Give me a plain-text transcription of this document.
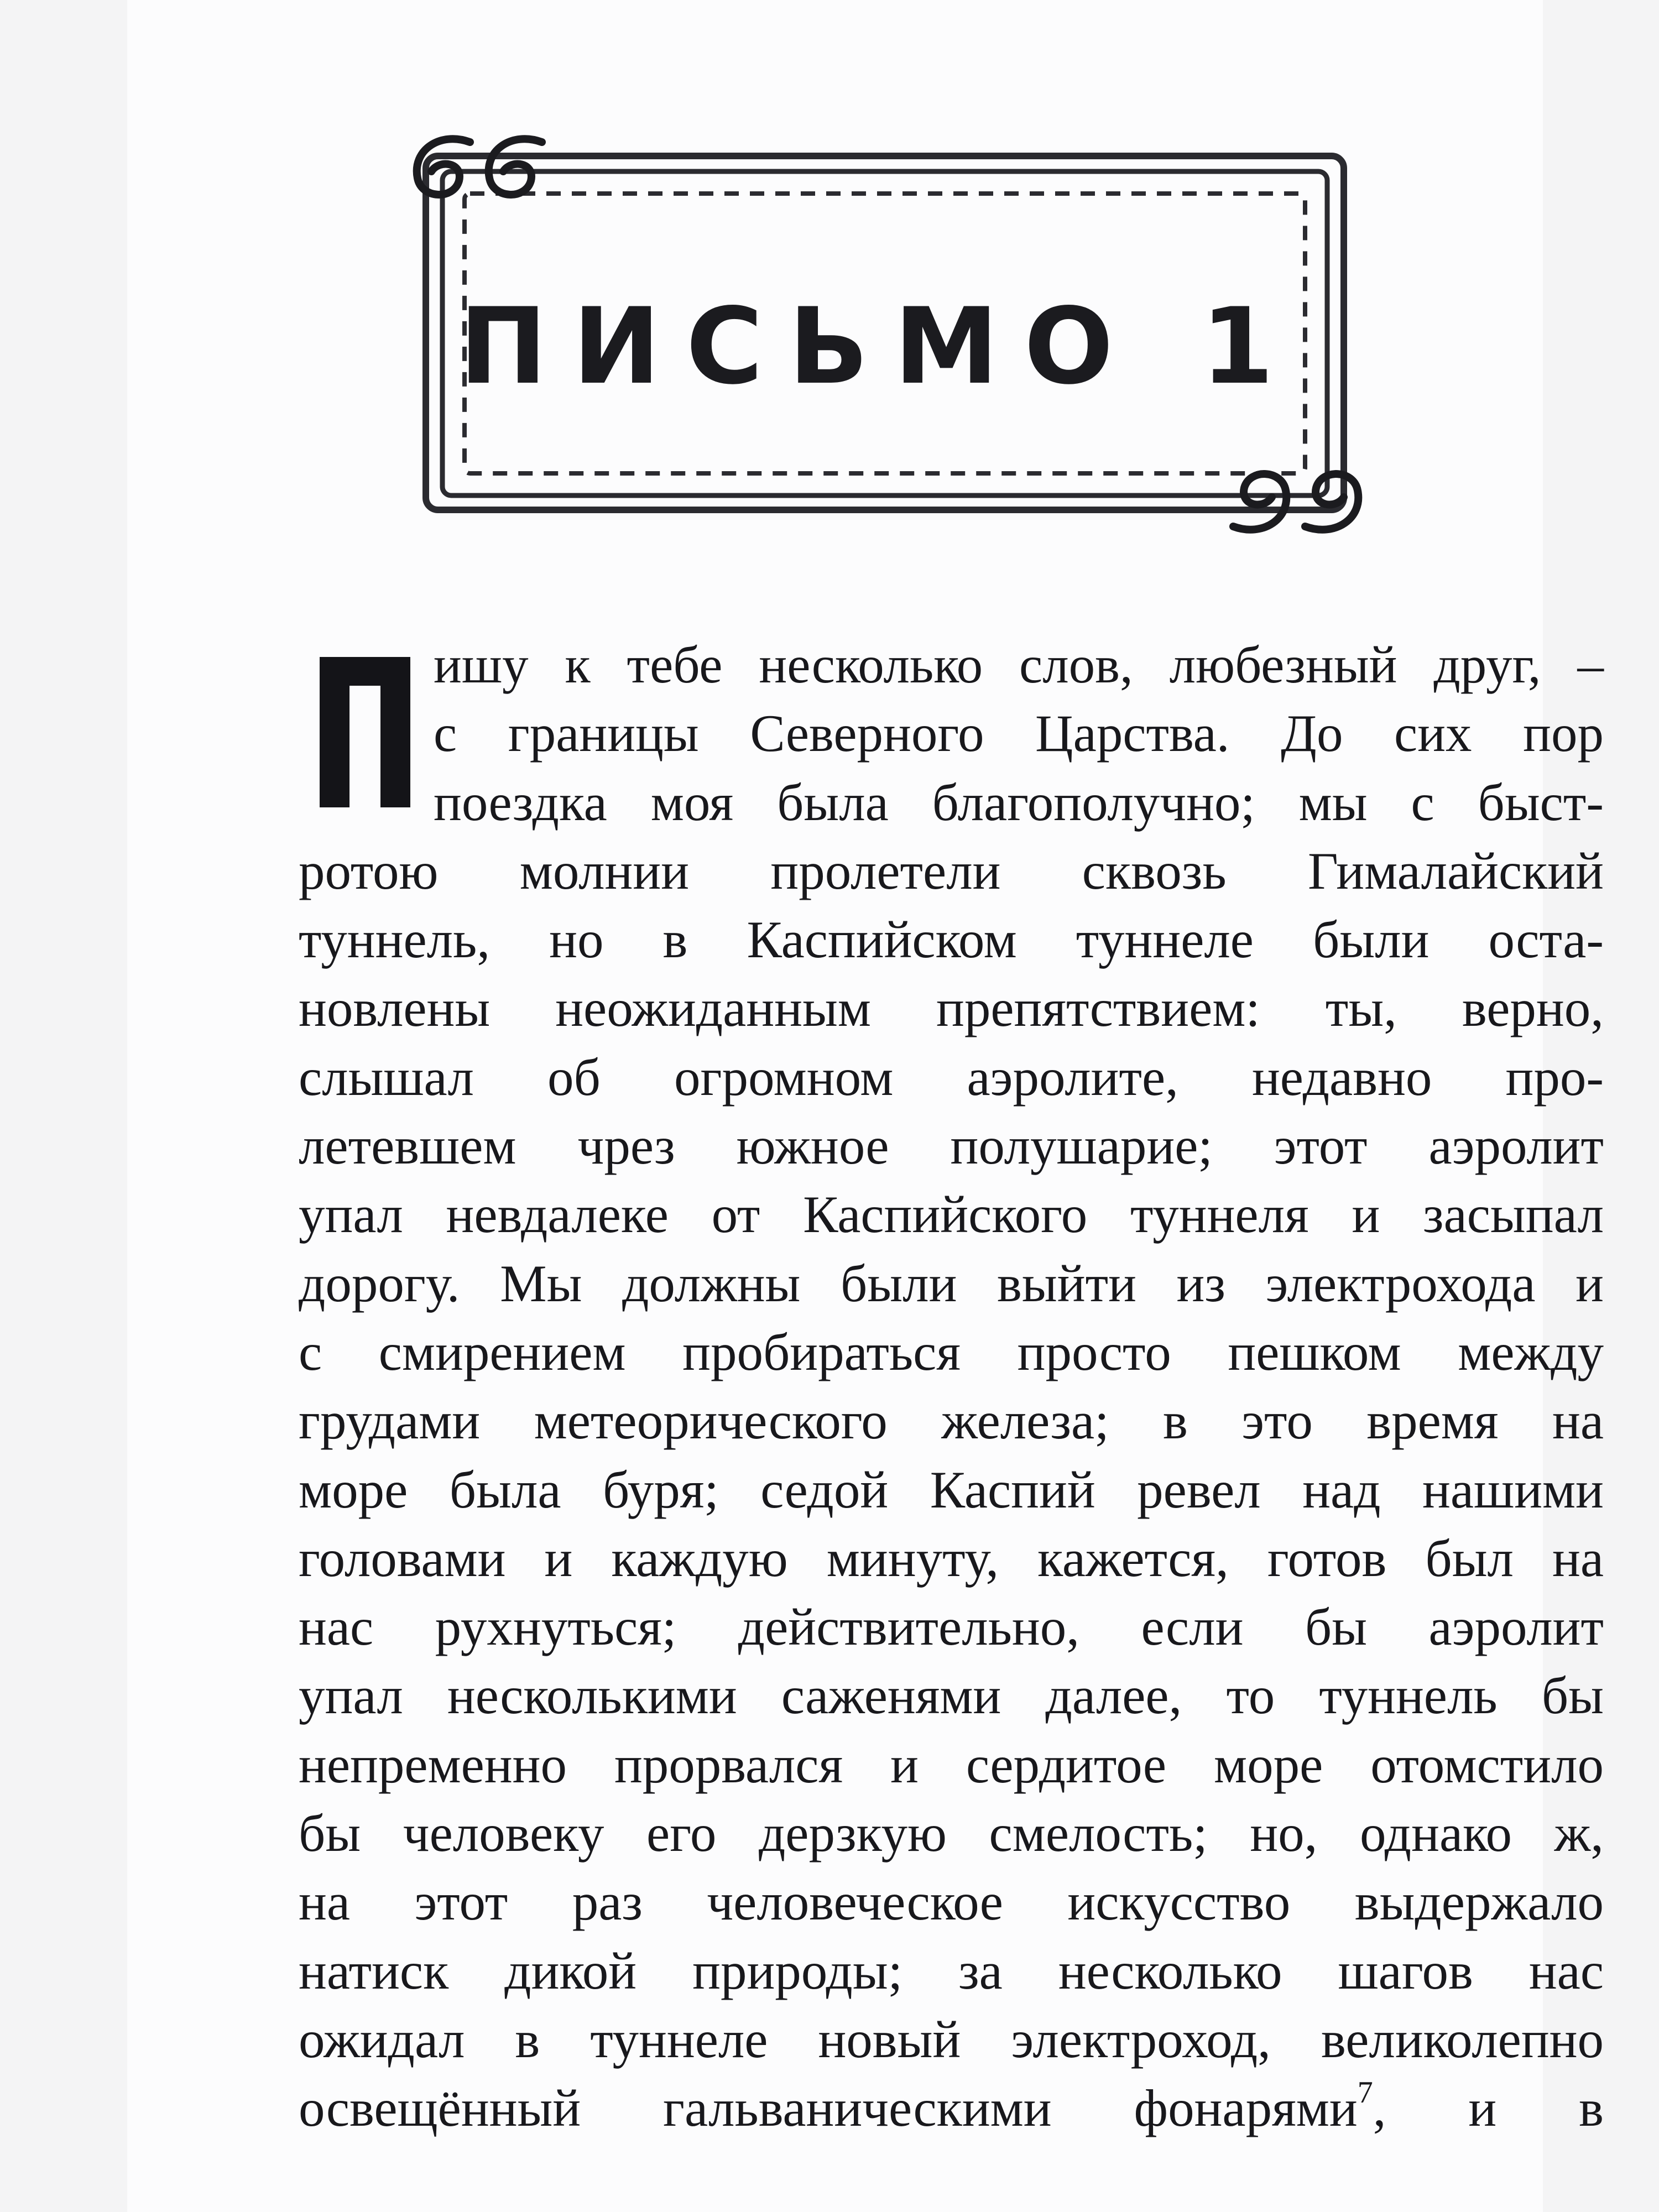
ПИСЬМО 1
ишу к тебе несколько слов, любезный друг, –
с границы Северного Царства. До сих пор
поездка моя была благополучно; мы с быст-
ротою молнии пролетели сквозь Гималайский
туннель, но в Каспийском туннеле были оста-
новлены неожиданным препятствием: ты, верно,
слышал об огромном аэролите, недавно про-
летевшем чрез южное полушарие; этот аэролит
упал невдалеке от Каспийского туннеля и засыпал
дорогу. Мы должны были выйти из электрохода и
с смирением пробираться просто пешком между
грудами метеорического железа; в это время на
море была буря; седой Каспий ревел над нашими
головами и каждую минуту, кажется, готов был на
нас рухнуться; действительно, если бы аэролит
упал несколькими саженями далее, то туннель бы
непременно прорвался и сердитое море отомстило
бы человеку его дерзкую смелость; но, однако ж,
на этот раз человеческое искусство выдержало
натиск дикой природы; за несколько шагов нас
ожидал в туннеле новый электроход, великолепно
освещённый гальваническими фонарями$^7$, и в
